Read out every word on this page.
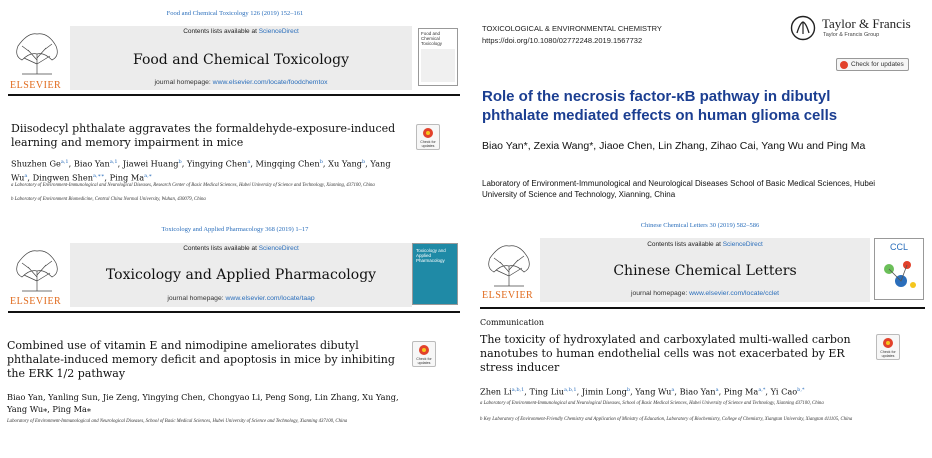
Food and Chemical Toxicology 126 (2019) 152–161
ELSEVIER
Contents lists available at ScienceDirect
Food and Chemical Toxicology
journal homepage: www.elsevier.com/locate/foodchemtox
Food and Chemical Toxicology
Diisodecyl phthalate aggravates the formaldehyde-exposure-induced learning and memory impairment in mice	Check for updates
Shuzhen Ge$^{a,1}$, Biao Yan$^{a,1}$, Jiawei Huang$^b$, Yingying Chen$^a$, Mingqing Chen$^b$, Xu Yang$^b$, Yang Wu$^a$, Dingwen Shen$^{a,∗∗}$, Ping $Ma^{a,∗}$
a Laboratory of Environment-Immunological and Neurological Diseases, Research Center of Basic Medical Sciences, Hubei University of Science and Technology, Xianning, 437100, China
b Laboratory of Environment Biomedicine, Central China Normal University, Wuhan, 430079, China
Toxicology and Applied Pharmacology 368 (2019) 1–17
ELSEVIER
Contents lists available at ScienceDirect
Toxicology and Applied Pharmacology
journal homepage: www.elsevier.com/locate/taap
Toxicology and Applied Pharmacology
Combined use of vitamin E and nimodipine ameliorates dibutyl phthalate-induced memory deficit and apoptosis in mice by inhibiting the ERK 1/2 pathway
Check for updates
Biao Yan, Yanling Sun, Jie Zeng, Yingying Chen, Chongyao Li, Peng Song, Lin Zhang, Xu Yang, Yang Wu⁎, Ping Ma⁎
Laboratory of Environment-Immunological and Neurological Diseases, School of Basic Medical Sciences, Hubei University of Science and Technology, Xianning 437100, China
TOXICOLOGICAL & ENVIRONMENTAL CHEMISTRY
https://doi.org/10.1080/02772248.2019.1567732
Taylor & Francis
Taylor & Francis Group
Check for updates
Role of the necrosis factor-κB pathway in dibutyl phthalate mediated effects on human glioma cells
Biao Yan*, Zexia Wang*, Jiaoe Chen, Lin Zhang, Zihao Cai, Yang Wu and Ping Ma
Laboratory of Environment-Immunological and Neurological Diseases School of Basic Medical Sciences, Hubei University of Science and Technology, Xianning, China
Chinese Chemical Letters 30 (2019) 582–586
ELSEVIER
Contents lists available at ScienceDirect
Chinese Chemical Letters
journal homepage: www.elsevier.com/locate/cclet
CCL
Communication
The toxicity of hydroxylated and carboxylated multi-walled carbon nanotubes to human endothelial cells was not exacerbated by ER stress inducer
Check for updates
Zhen Li$^{a,b,1}$, Ting Liu$^{a,b,1}$, Jimin Long$^b$, Yang Wu$^a$, Biao Yan$^a$, Ping $Ma^{a,*}$, Yi Cao$^{b,*}$
a Laboratory of Environment-Immunological and Neurological Diseases, School of Basic Medical Sciences, Hubei University of Science and Technology, Xianning 437100, China
b Key Laboratory of Environment-Friendly Chemistry and Application of Ministry of Education, Laboratory of Biochemistry, College of Chemistry, Xiangtan University, Xiangtan 411105, China
